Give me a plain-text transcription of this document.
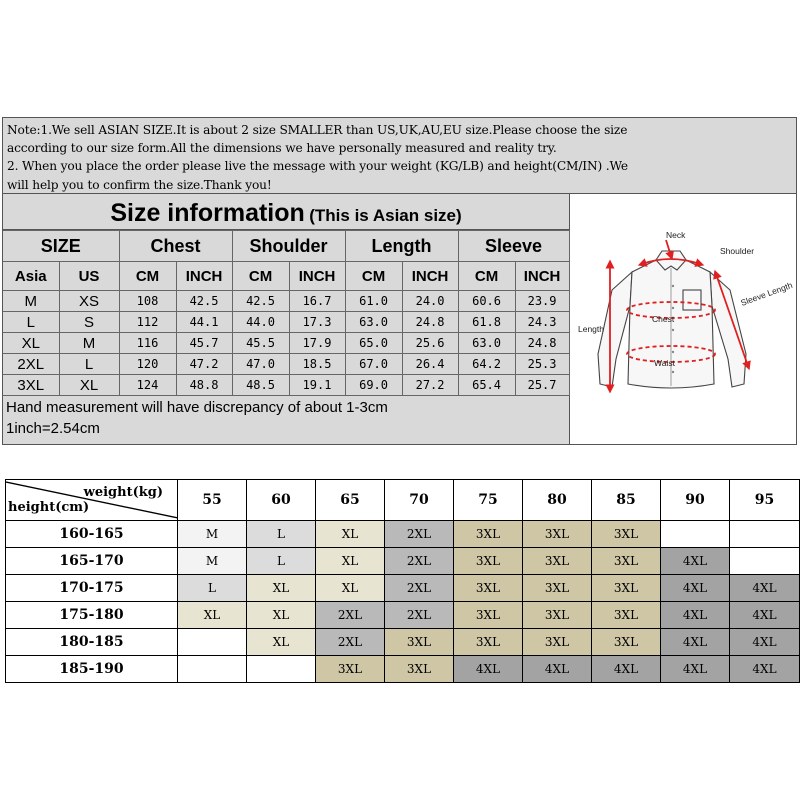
Note:1.We sell ASIAN SIZE.It is about 2 size SMALLER than US,UK,AU,EU size.Please choose the size
according to our size form.All the dimensions we have personally measured and reality try.
2. When you place the order please live the message with your weight (KG/LB) and height(CM/IN) .We
will help you to confirm the size.Thank you!
Size information (This is Asian size)
SIZE		Chest		Shoulder		Length		Sleeve	
Asia	US	CM	INCH	CM	INCH	CM	INCH	CM	INCH
M	XS	108	42.5	42.5	16.7	61.0	24.0	60.6	23.9
L	S	112	44.1	44.0	17.3	63.0	24.8	61.8	24.3
XL	M	116	45.7	45.5	17.9	65.0	25.6	63.0	24.8
2XL	L	120	47.2	47.0	18.5	67.0	26.4	64.2	25.3
3XL	XL	124	48.8	48.5	19.1	69.0	27.2	65.4	25.7
Hand measurement will have discrepancy of about 1-3cm
1inch=2.54cm
Neck
Shoulder
Sleeve Length
Length
Chest
Waist
weight(kg)
height(cm)	55	60	65	70	75	80	85	90	95
160-165	M	L	XL	2XL	3XL	3XL	3XL		
165-170	M	L	XL	2XL	3XL	3XL	3XL	4XL	
170-175	L	XL	XL	2XL	3XL	3XL	3XL	4XL	4XL
175-180	XL	XL	2XL	2XL	3XL	3XL	3XL	4XL	4XL
180-185		XL	2XL	3XL	3XL	3XL	3XL	4XL	4XL
185-190			3XL	3XL	4XL	4XL	4XL	4XL	4XL
